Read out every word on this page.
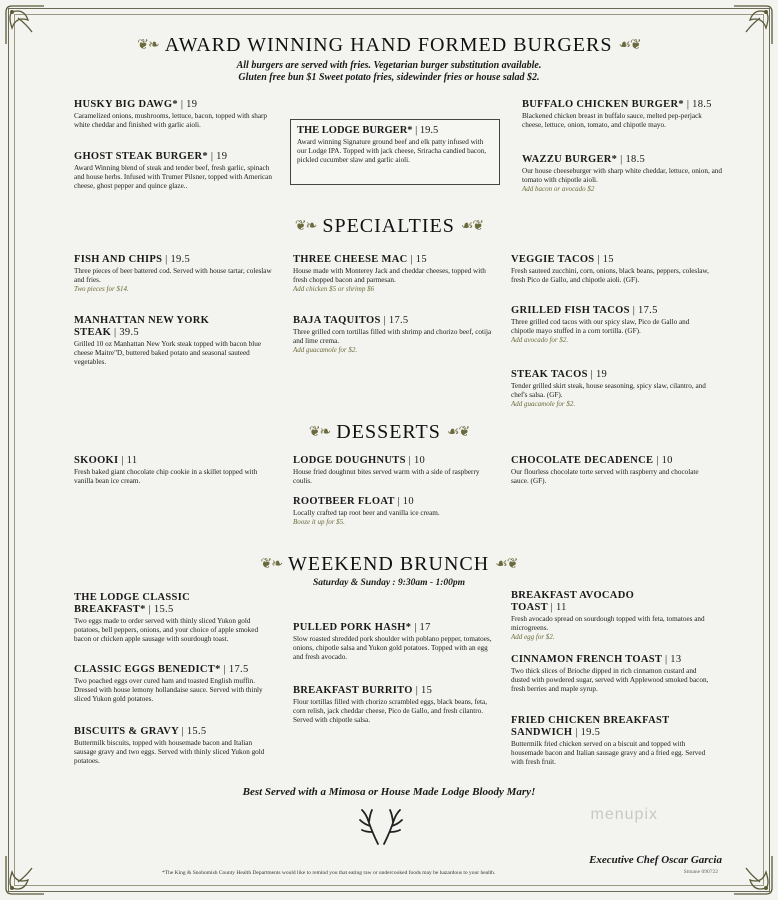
❦❧ AWARD WINNING HAND FORMED BURGERS ☙❦
All burgers are served with fries. Vegetarian burger substitution available.
Gluten free bun $1 Sweet potato fries, sidewinder fries or house salad $2.
HUSKY BIG DAWG* | 19
Caramelized onions, mushrooms, lettuce, bacon, topped with sharp white cheddar and finished with garlic aioli.
GHOST STEAK BURGER* | 19
Award Winning blend of steak and tender beef, fresh garlic, spinach and house herbs. Infused with Trumer Pilsner, topped with American cheese, ghost pepper and quince glaze..
THE LODGE BURGER* | 19.5
Award winning Signature ground beef and elk patty infused with our Lodge IPA. Topped with jack cheese, Sriracha candied bacon, pickled cucumber slaw and garlic aioli.
BUFFALO CHICKEN BURGER* | 18.5
Blackened chicken breast in buffalo sauce, melted pep-perjack cheese, lettuce, onion, tomato, and chipotle mayo.
WAZZU BURGER* | 18.5
Our house cheeseburger with sharp white cheddar, lettuce, onion, and tomato with chipotle aioli.
Add bacon or avocado $2
❦❧ SPECIALTIES ☙❦
FISH AND CHIPS | 19.5
Three pieces of beer battered cod. Served with house tartar, coleslaw and fries.
Two pieces for $14.
MANHATTAN NEW YORK STEAK | 39.5
Grilled 10 oz Manhattan New York steak topped with bacon blue cheese Maitre"D, buttered baked potato and seasonal sauteed vegetables.
THREE CHEESE MAC | 15
House made with Monterey Jack and cheddar cheeses, topped with fresh chopped bacon and parmesan.
Add chicken $5 or shrimp $6
BAJA TAQUITOS | 17.5
Three grilled corn tortillas filled with shrimp and chorizo beef, cotija and lime crema.
Add guacamole for $2.
VEGGIE TACOS | 15
Fresh sauteed zucchini, corn, onions, black beans, peppers, coleslaw, fresh Pico de Gallo, and chipotle aioli. (GF).
GRILLED FISH TACOS | 17.5
Three grilled cod tacos with our spicy slaw, Pico de Gallo and chipotle mayo stuffed in a corn tortilla. (GF).
Add avocado for $2.
STEAK TACOS | 19
Tender grilled skirt steak, house seasoning, spicy slaw, cilantro, and chef's salsa. (GF).
Add guacamole for $2.
❦❧ DESSERTS ☙❦
SKOOKI | 11
Fresh baked giant chocolate chip cookie in a skillet topped with vanilla bean ice cream.
LODGE DOUGHNUTS | 10
House fried doughnut bites served warm with a side of raspberry coulis.
ROOTBEER FLOAT | 10
Locally crafted tap root beer and vanilla ice cream.
Booze it up for $5.
CHOCOLATE DECADENCE | 10
Our flourless chocolate torte served with raspberry and chocolate sauce. (GF).
❦❧ WEEKEND BRUNCH ☙❦
Saturday & Sunday : 9:30am - 1:00pm
THE LODGE CLASSIC BREAKFAST* | 15.5
Two eggs made to order served with thinly sliced Yukon gold potatoes, bell peppers, onions, and your choice of apple smoked bacon or chicken apple sausage with sourdough toast.
CLASSIC EGGS BENEDICT* | 17.5
Two poached eggs over cured ham and toasted English muffin. Dressed with house lemony hollandaise sauce. Served with thinly sliced Yukon gold potatoes.
BISCUITS & GRAVY | 15.5
Buttermilk biscuits, topped with housemade bacon and Italian sausage gravy and two eggs. Served with thinly sliced Yukon gold potatoes.
PULLED PORK HASH* | 17
Slow roasted shredded pork shoulder with poblano pepper, tomatoes, onions, chipotle salsa and Yukon gold potatoes. Topped with an egg and fresh avocado.
BREAKFAST BURRITO | 15
Flour tortillas filled with chorizo scrambled eggs, black beans, feta, corn relish, jack cheddar cheese, Pico de Gallo, and fresh cilantro. Served with chipotle salsa.
BREAKFAST AVOCADO TOAST | 11
Fresh avocado spread on sourdough topped with feta, tomatoes and microgreens.
Add egg for $2.
CINNAMON FRENCH TOAST | 13
Two thick slices of Brioche dipped in rich cinnamon custard and dusted with powdered sugar, served with Applewood smoked bacon, fresh berries and maple syrup.
FRIED CHICKEN BREAKFAST SANDWICH | 19.5
Buttermilk fried chicken served on a biscuit and topped with housemade bacon and Italian sausage gravy and a fried egg. Served with fresh fruit.
Best Served with a Mimosa or House Made Lodge Bloody Mary!
menupix
Executive Chef Oscar Garcia
*The King & Snohomish County Health Departments would like to remind you that eating raw or undercooked foods may be hazardous to your health.	Stmane 090722
